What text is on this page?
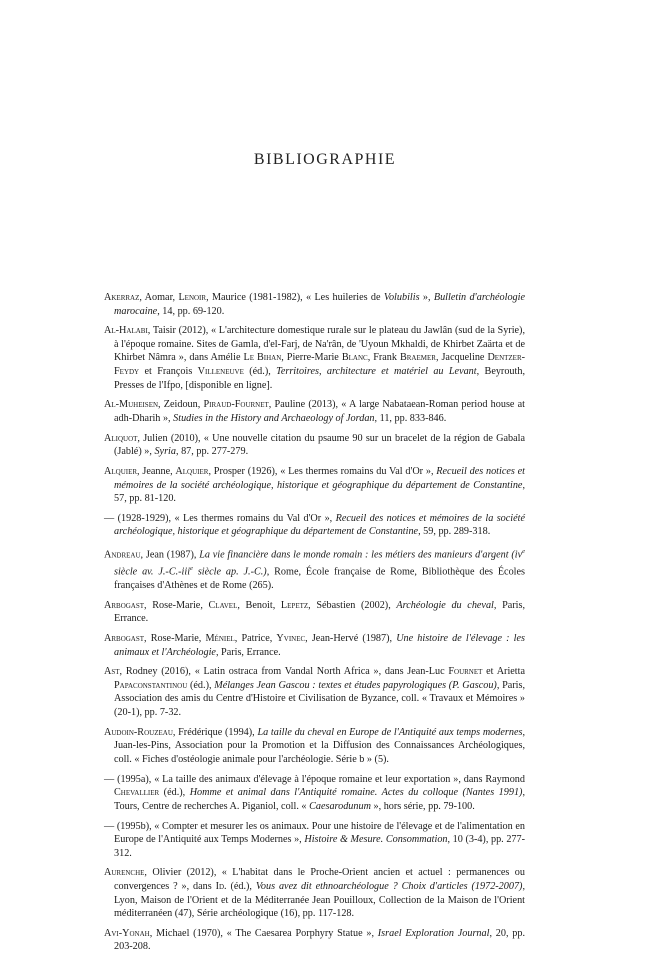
BIBLIOGRAPHIE

Akerraz, Aomar, Lenoir, Maurice (1981-1982), « Les huileries de Volubilis », Bulletin d'archéologie marocaine, 14, pp. 69-120.

Al-Halabi, Taisir (2012), « L'architecture domestique rurale sur le plateau du Jawlân (sud de la Syrie), à l'époque romaine. Sites de Gamla, d'el-Farj, de Na'rân, de 'Uyoun Mkhaldi, de Khirbet Zaärta et de Khirbet Nâmra », dans Amélie Le Bihan, Pierre-Marie Blanc, Frank Braemer, Jacqueline Dentzer-Feydy et François Villeneuve (éd.), Territoires, architecture et matériel au Levant, Beyrouth, Presses de l'Ifpo, [disponible en ligne].

Al-Muheisen, Zeidoun, Piraud-Fournet, Pauline (2013), « A large Nabataean-Roman period house at adh-Dharih », Studies in the History and Archaeology of Jordan, 11, pp. 833-846.

Aliquot, Julien (2010), « Une nouvelle citation du psaume 90 sur un bracelet de la région de Gabala (Jablé) », Syria, 87, pp. 277-279.

Alquier, Jeanne, Alquier, Prosper (1926), « Les thermes romains du Val d'Or », Recueil des notices et mémoires de la société archéologique, historique et géographique du département de Constantine, 57, pp. 81-120.

— (1928-1929), « Les thermes romains du Val d'Or », Recueil des notices et mémoires de la société archéologique, historique et géographique du département de Constantine, 59, pp. 289-318.

Andreau, Jean (1987), La vie financière dans le monde romain : les métiers des manieurs d'argent ($iv^e$ siècle av. J.-C.-iii$^e$ siècle ap. J.-C.), Rome, École française de Rome, Bibliothèque des Écoles françaises d'Athènes et de Rome (265).

Arbogast, Rose-Marie, Clavel, Benoit, Lepetz, Sébastien (2002), Archéologie du cheval, Paris, Errance.

Arbogast, Rose-Marie, Méniel, Patrice, Yvinec, Jean-Hervé (1987), Une histoire de l'élevage : les animaux et l'Archéologie, Paris, Errance.

Ast, Rodney (2016), « Latin ostraca from Vandal North Africa », dans Jean-Luc Fournet et Arietta Papaconstantinou (éd.), Mélanges Jean Gascou : textes et études papyrologiques (P. Gascou), Paris, Association des amis du Centre d'Histoire et Civilisation de Byzance, coll. « Travaux et Mémoires » (20-1), pp. 7-32.

Audoin-Rouzeau, Frédérique (1994), La taille du cheval en Europe de l'Antiquité aux temps modernes, Juan-les-Pins, Association pour la Promotion et la Diffusion des Connaissances Archéologiques, coll. « Fiches d'ostéologie animale pour l'archéologie. Série b » (5).

— (1995a), « La taille des animaux d'élevage à l'époque romaine et leur exportation », dans Raymond Chevallier (éd.), Homme et animal dans l'Antiquité romaine. Actes du colloque (Nantes 1991), Tours, Centre de recherches A. Piganiol, coll. « Caesarodunum », hors série, pp. 79-100.

— (1995b), « Compter et mesurer les os animaux. Pour une histoire de l'élevage et de l'alimentation en Europe de l'Antiquité aux Temps Modernes », Histoire & Mesure. Consommation, 10 (3-4), pp. 277-312.

Aurenche, Olivier (2012), « L'habitat dans le Proche-Orient ancien et actuel : permanences ou convergences ? », dans Id. (éd.), Vous avez dit ethnoarchéologue ? Choix d'articles (1972-2007), Lyon, Maison de l'Orient et de la Méditerranée Jean Pouilloux, Collection de la Maison de l'Orient méditerranéen (47), Série archéologique (16), pp. 117-128.

Avi-Yonah, Michael (1970), « The Caesarea Porphyry Statue », Israel Exploration Journal, 20, pp. 203-208.
